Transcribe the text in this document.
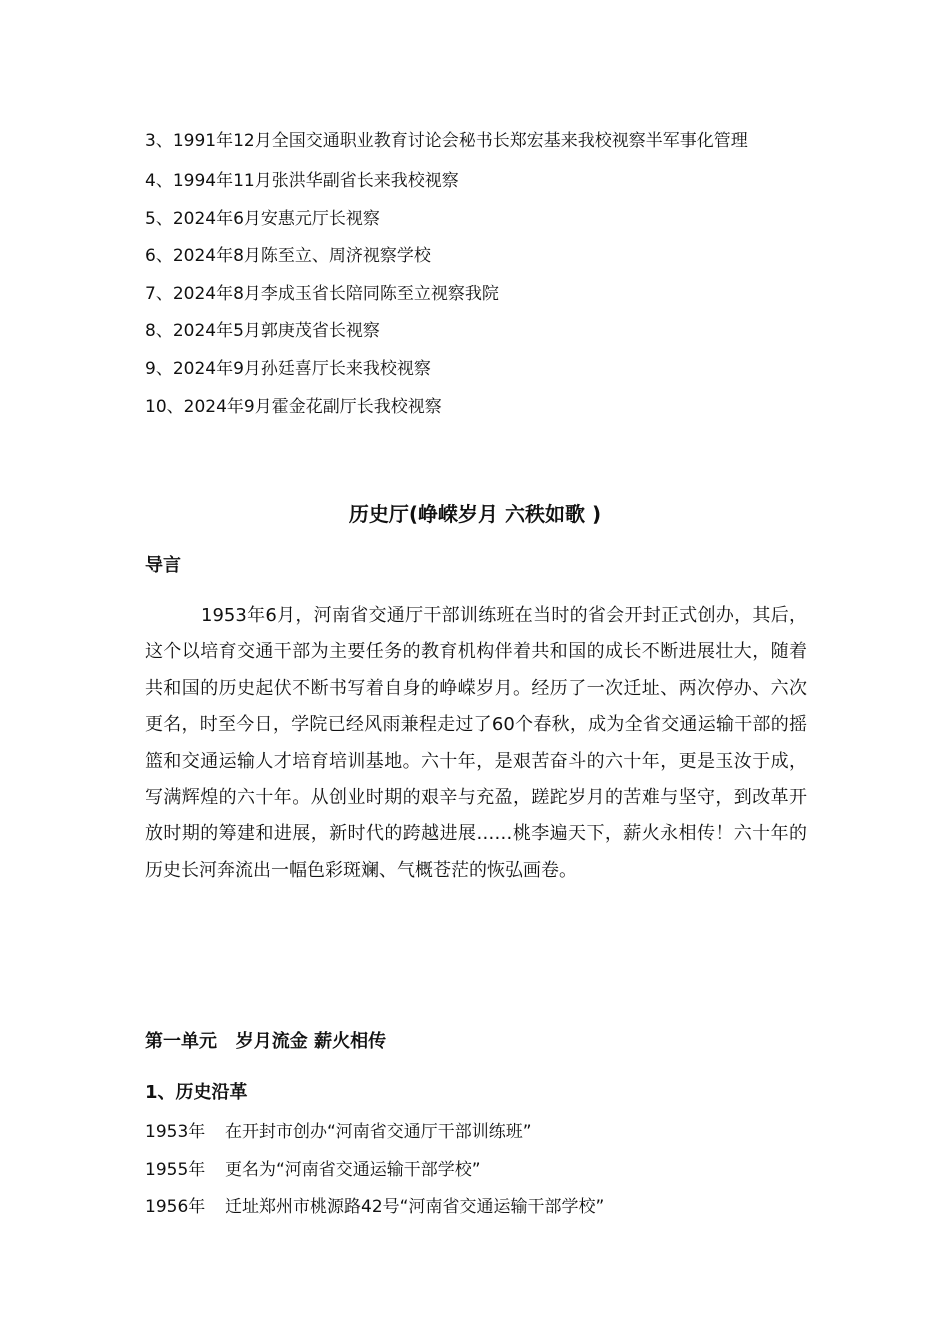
3、1991年12月全国交通职业教育讨论会秘书长郑宏基来我校视察半军事化管理
4、1994年11月张洪华副省长来我校视察
5、2024年6月安惠元厅长视察
6、2024年8月陈至立、周济视察学校
7、2024年8月李成玉省长陪同陈至立视察我院
8、2024年5月郭庚茂省长视察
9、2024年9月孙廷喜厅长来我校视察
10、2024年9月霍金花副厅长我校视察
历史厅(峥嵘岁月 六秩如歌 )
导言
1953年6月，河南省交通厅干部训练班在当时的省会开封正式创办，其后，这个以培育交通干部为主要任务的教育机构伴着共和国的成长不断进展壮大，随着共和国的历史起伏不断书写着自身的峥嵘岁月。经历了一次迁址、两次停办、六次更名，时至今日，学院已经风雨兼程走过了60个春秋，成为全省交通运输干部的摇篮和交通运输人才培育培训基地。六十年，是艰苦奋斗的六十年，更是玉汝于成，写满辉煌的六十年。从创业时期的艰辛与充盈，蹉跎岁月的苦难与坚守，到改革开放时期的筹建和进展，新时代的跨越进展……桃李遍天下，薪火永相传！六十年的历史长河奔流出一幅色彩斑斓、气概苍茫的恢弘画卷。
第一单元   岁月流金 薪火相传
1、历史沿革
1953年 在开封市创办“河南省交通厅干部训练班”
1955年 更名为“河南省交通运输干部学校”
1956年 迁址郑州市桃源路42号“河南省交通运输干部学校”
